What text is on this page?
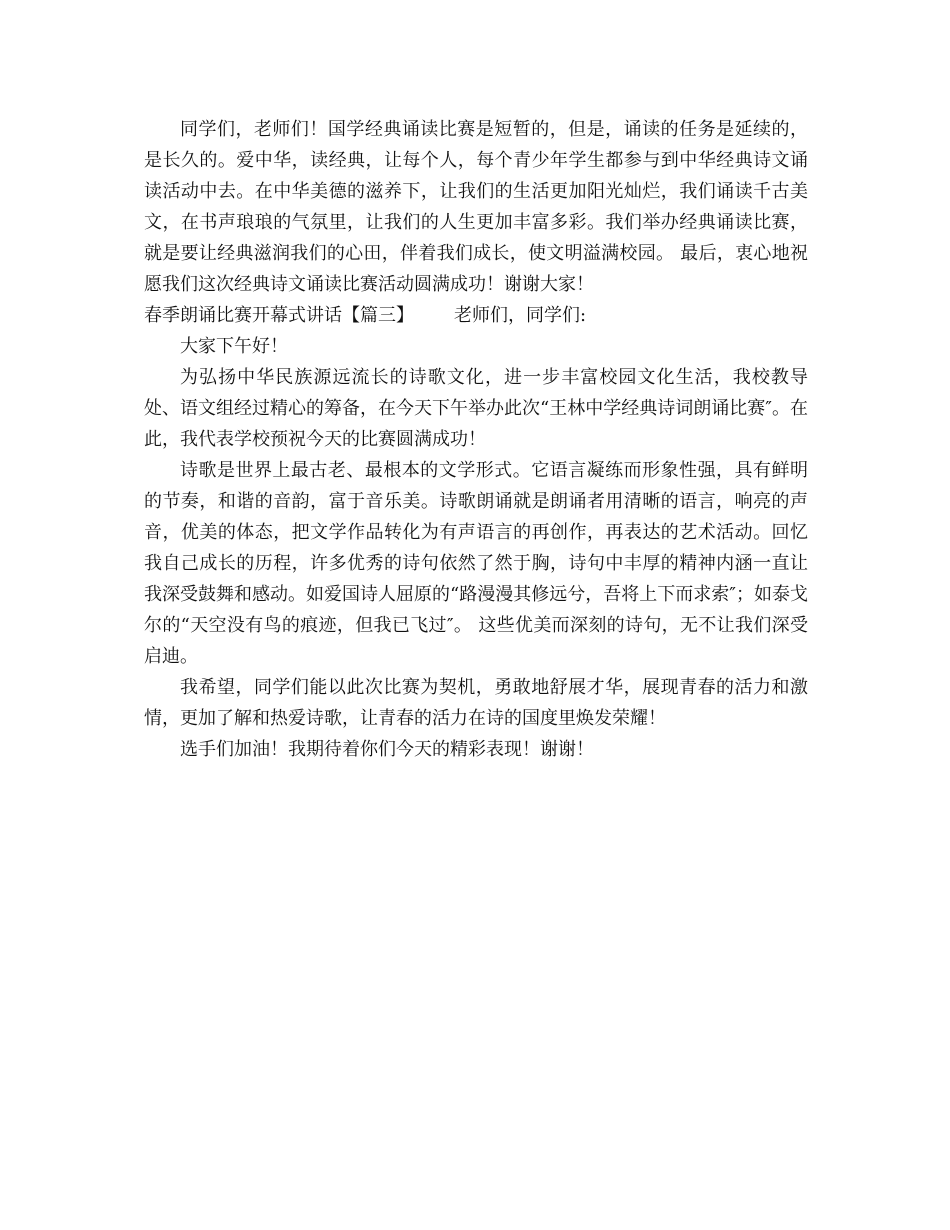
同学们，老师们！国学经典诵读比赛是短暂的，但是，诵读的任务是延续的，是长久的。爱中华，读经典，让每个人，每个青少年学生都参与到中华经典诗文诵读活动中去。在中华美德的滋养下，让我们的生活更加阳光灿烂，我们诵读千古美文，在书声琅琅的气氛里，让我们的人生更加丰富多彩。我们举办经典诵读比赛，就是要让经典滋润我们的心田，伴着我们成长，使文明溢满校园。 最后，衷心地祝愿我们这次经典诗文诵读比赛活动圆满成功！谢谢大家！

春季朗诵比赛开幕式讲话【篇三】 老师们，同学们:

大家下午好！

为弘扬中华民族源远流长的诗歌文化，进一步丰富校园文化生活，我校教导处、语文组经过精心的筹备，在今天下午举办此次“王林中学经典诗词朗诵比赛″。在此，我代表学校预祝今天的比赛圆满成功！

诗歌是世界上最古老、最根本的文学形式。它语言凝练而形象性强，具有鲜明的节奏，和谐的音韵，富于音乐美。诗歌朗诵就是朗诵者用清晰的语言，响亮的声音，优美的体态，把文学作品转化为有声语言的再创作，再表达的艺术活动。回忆我自己成长的历程，许多优秀的诗句依然了然于胸，诗句中丰厚的精神内涵一直让我深受鼓舞和感动。如爱国诗人屈原的“路漫漫其修远兮，吾将上下而求索″；如泰戈尔的“天空没有鸟的痕迹，但我已飞过″。 这些优美而深刻的诗句，无不让我们深受启迪。

我希望，同学们能以此次比赛为契机，勇敢地舒展才华，展现青春的活力和激情，更加了解和热爱诗歌，让青春的活力在诗的国度里焕发荣耀！

选手们加油！我期待着你们今天的精彩表现！谢谢！
